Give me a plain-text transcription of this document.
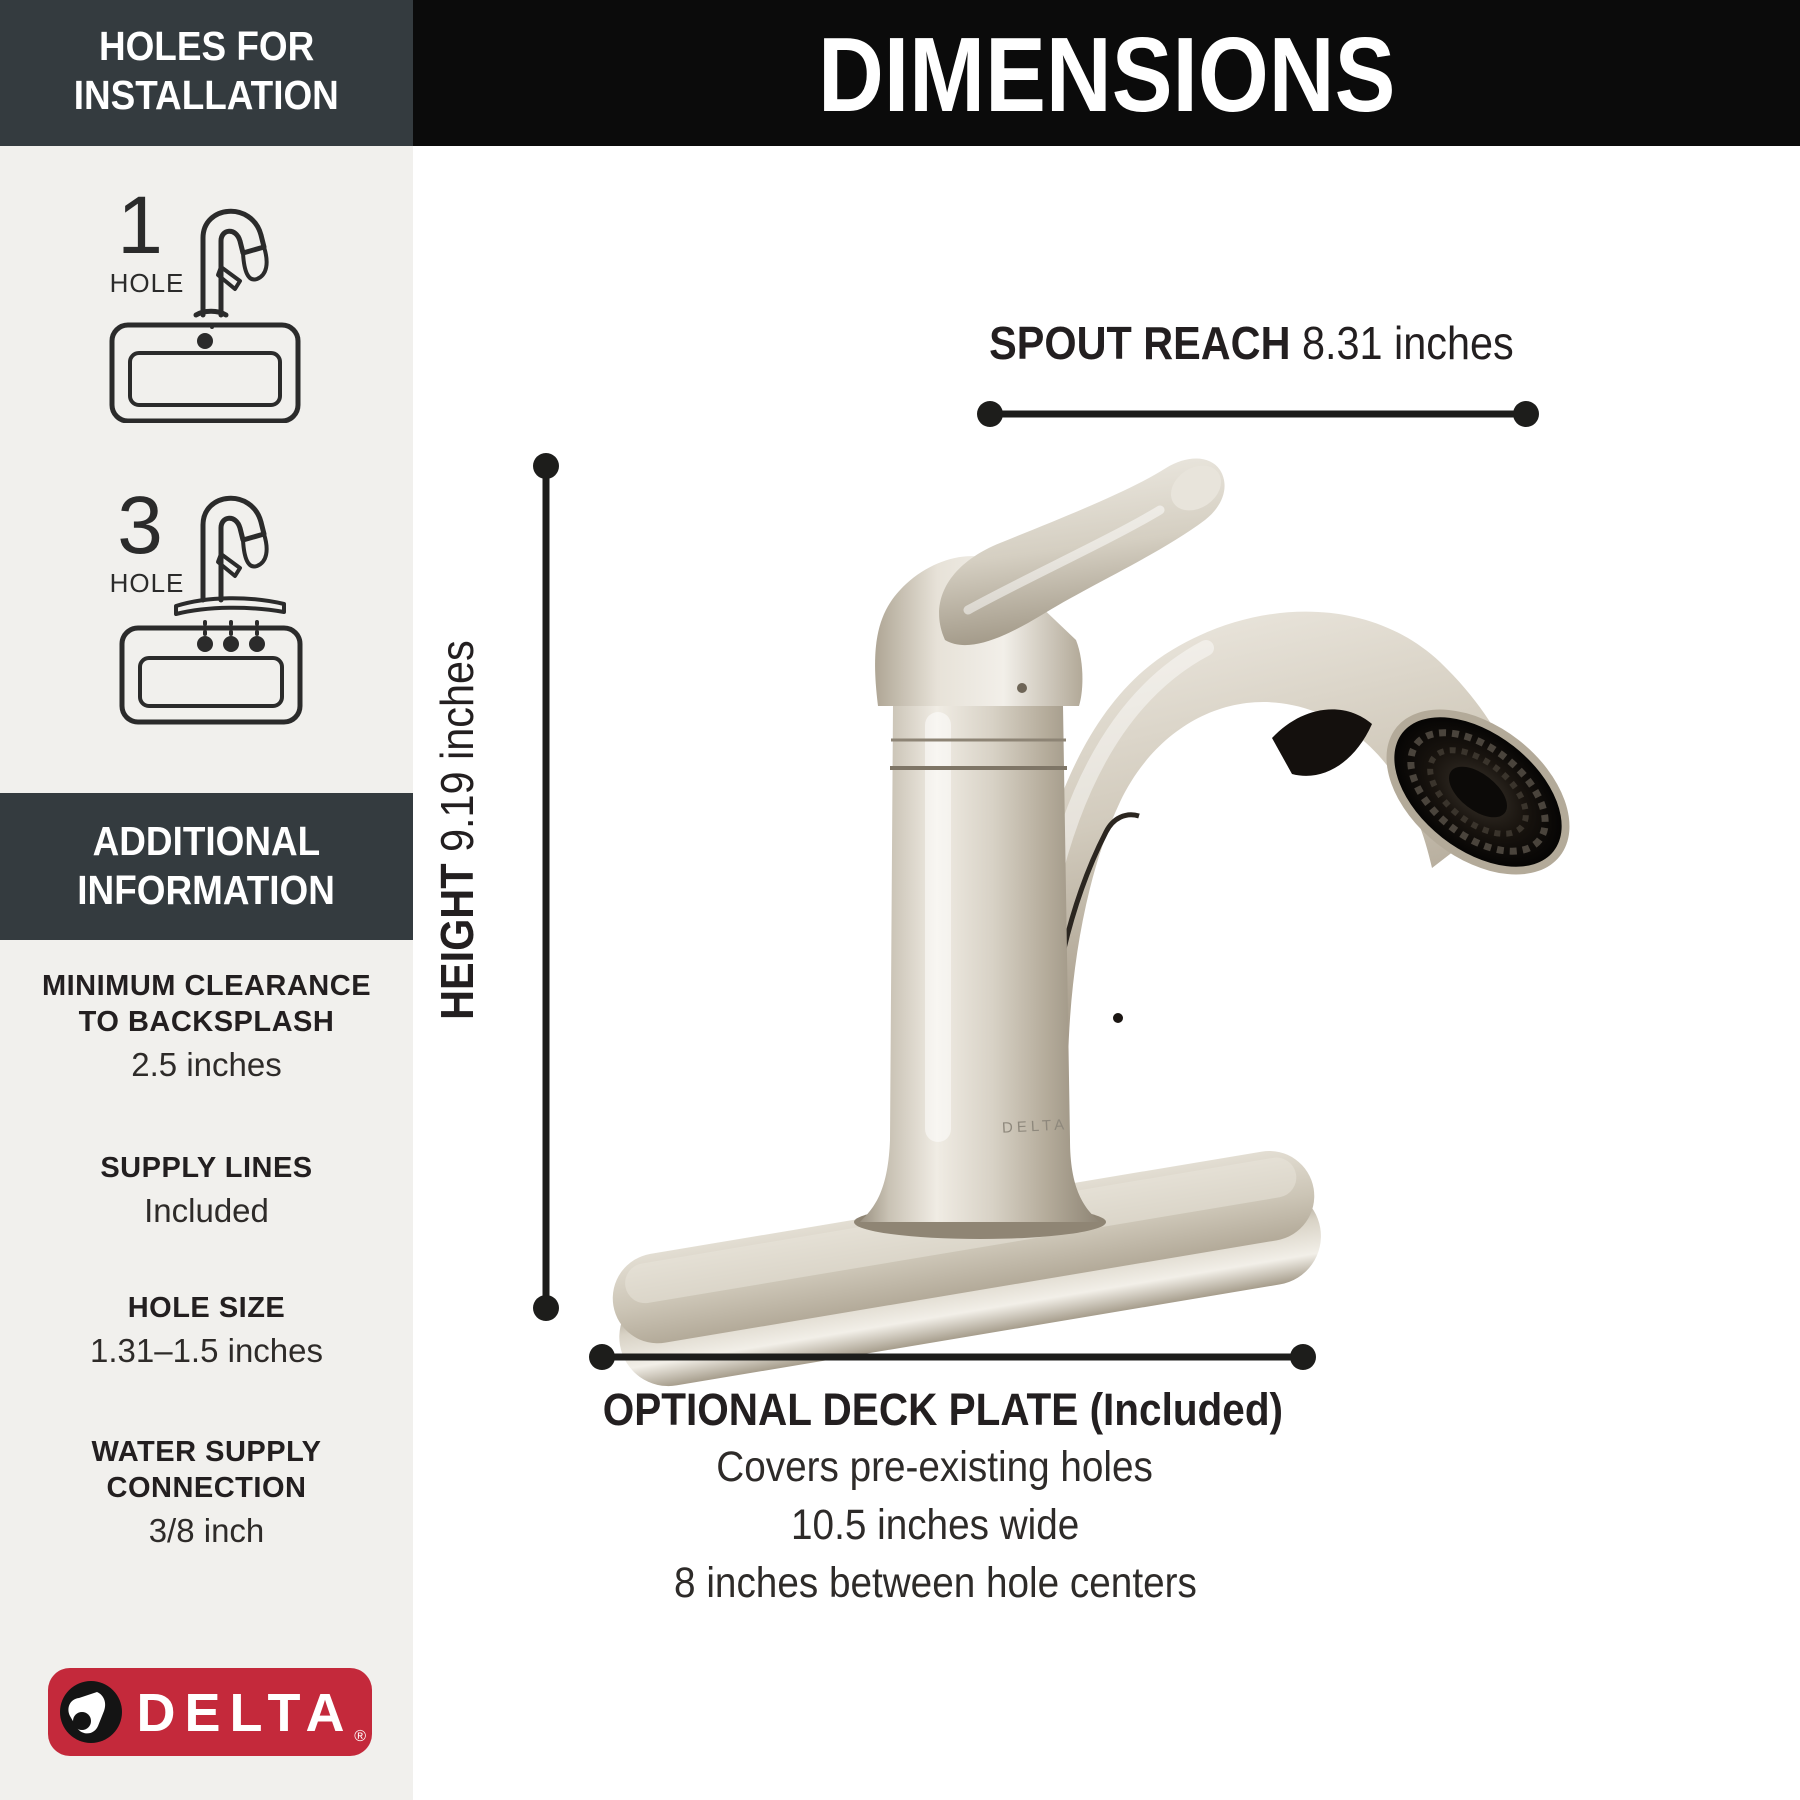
HOLES FOR
INSTALLATION
1
HOLE
3
HOLE
ADDITIONAL
INFORMATION
MINIMUM CLEARANCE
TO BACKSPLASH
2.5 inches
SUPPLY LINES
Included
HOLE SIZE
1.31–1.5 inches
WATER SUPPLY
CONNECTION
3/8 inch
DELTA ®
DIMENSIONS
SPOUT REACH 8.31 inches
HEIGHT 9.19 inches
OPTIONAL DECK PLATE (Included)
Covers pre-existing holes
10.5 inches wide
8 inches between hole centers
DELTA
